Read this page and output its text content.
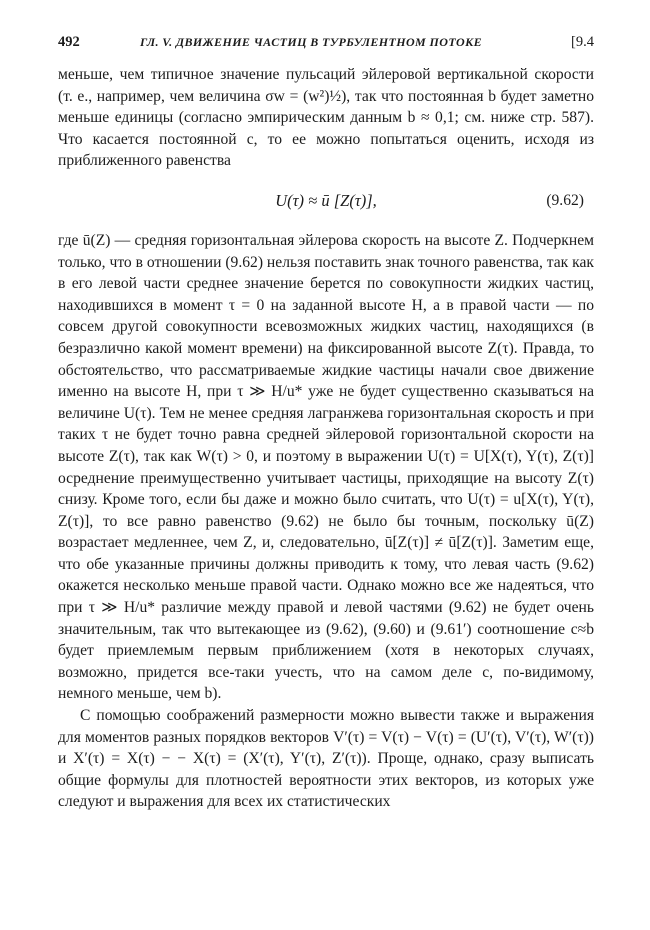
492	ГЛ. V. ДВИЖЕНИЕ ЧАСТИЦ В ТУРБУЛЕНТНОМ ПОТОКЕ	[9.4

меньше, чем типичное значение пульсаций эйлеровой вертикальной скорости (т. е., например, чем величина σw = (w²)½), так что постоянная b будет заметно меньше единицы (согласно эмпирическим данным b ≈ 0,1; см. ниже стр. 587). Что касается постоянной c, то ее можно попытаться оценить, исходя из приближенного равенства

U(τ) ≈ ū [Z(τ)],	(9.62)

где ū(Z) — средняя горизонтальная эйлерова скорость на высоте Z. Подчеркнем только, что в отношении (9.62) нельзя поставить знак точного равенства, так как в его левой части среднее значение берется по совокупности жидких частиц, находившихся в момент τ = 0 на заданной высоте H, а в правой части — по совсем другой совокупности всевозможных жидких частиц, находящихся (в безразлично какой момент времени) на фиксированной высоте Z(τ). Правда, то обстоятельство, что рассматриваемые жидкие частицы начали свое движение именно на высоте H, при τ ≫ H/u* уже не будет существенно сказываться на величине U(τ). Тем не менее средняя лагранжева горизонтальная скорость и при таких τ не будет точно равна средней эйлеровой горизонтальной скорости на высоте Z(τ), так как W(τ) > 0, и поэтому в выражении U(τ) = U[X(τ), Y(τ), Z(τ)] осреднение преимущественно учитывает частицы, приходящие на высоту Z(τ) снизу. Кроме того, если бы даже и можно было считать, что U(τ) = u[X(τ), Y(τ), Z(τ)], то все равно равенство (9.62) не было бы точным, поскольку ū(Z) возрастает медленнее, чем Z, и, следовательно, ū[Z(τ)] ≠ ū[Z(τ)]. Заметим еще, что обе указанные причины должны приводить к тому, что левая часть (9.62) окажется несколько меньше правой части. Однако можно все же надеяться, что при τ ≫ H/u* различие между правой и левой частями (9.62) не будет очень значительным, так что вытекающее из (9.62), (9.60) и (9.61′) соотношение c≈b будет приемлемым первым приближением (хотя в некоторых случаях, возможно, придется все-таки учесть, что на самом деле c, по-видимому, немного меньше, чем b).

С помощью соображений размерности можно вывести также и выражения для моментов разных порядков векторов V′(τ) = V(τ) − V(τ) = (U′(τ), V′(τ), W′(τ)) и X′(τ) = X(τ) − − X(τ) = (X′(τ), Y′(τ), Z′(τ)). Проще, однако, сразу выписать общие формулы для плотностей вероятности этих векторов, из которых уже следуют и выражения для всех их статистических
